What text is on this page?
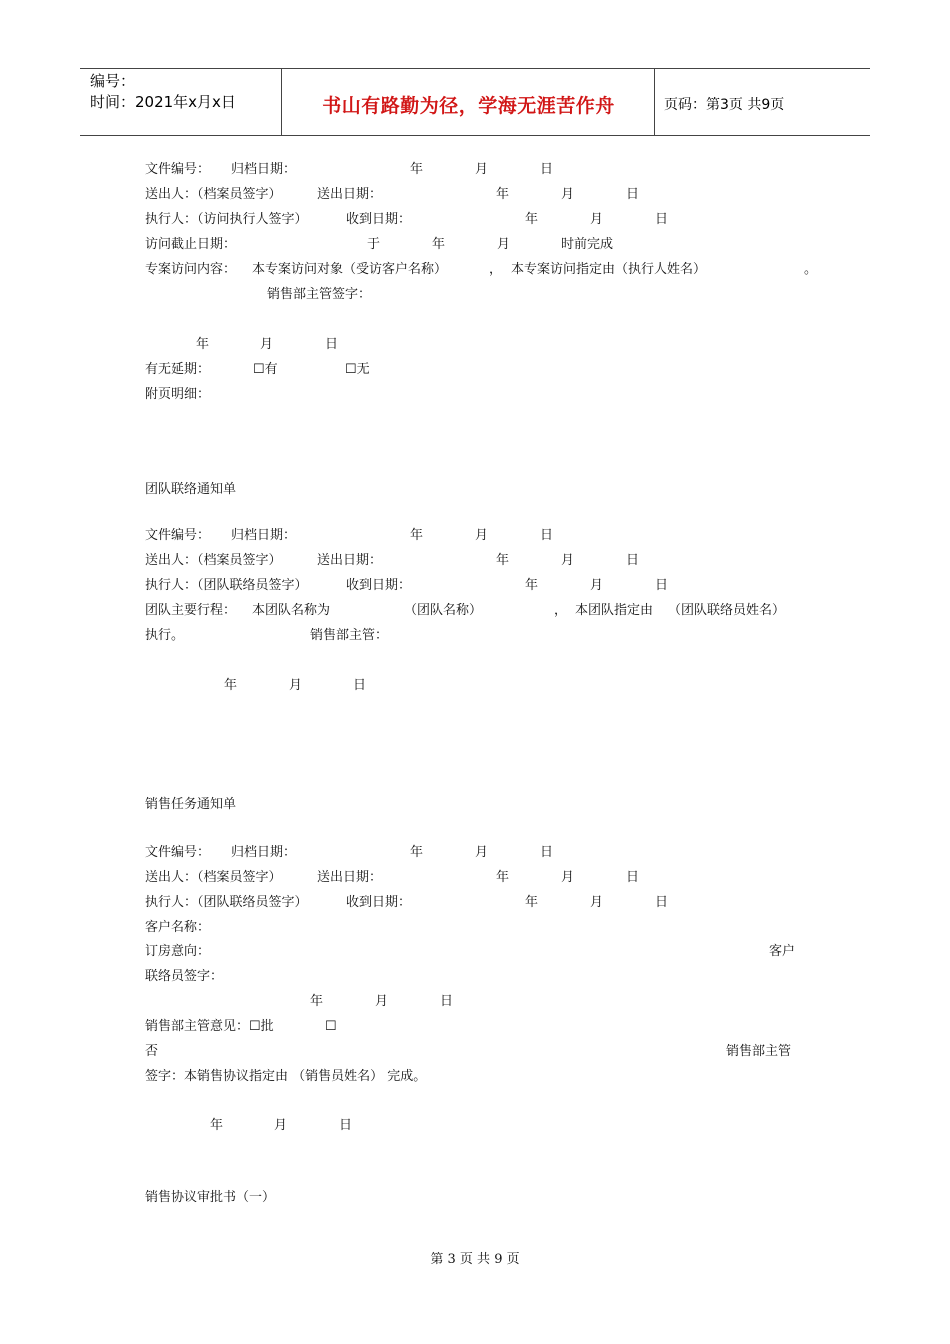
编号：
时间：2021年x月x日	书山有路勤为径，学海无涯苦作舟	页码：第3页 共9页
文件编号： 归档日期：	年	月	日
送出人：（档案员签字）	送出日期：	年	月	日
执行人：（访问执行人签字）	收到日期：	年	月	日
访问截止日期：	于	年	月	时前完成
专案访问内容： 本专案访问对象（受访客户名称）	， 本专案访问指定由（执行人姓名）	。
销售部主管签字：
年	月	日
有无延期：	☐有	☐无
附页明细：
团队联络通知单
文件编号： 归档日期：	年	月	日
送出人：（档案员签字）	送出日期：	年	月	日
执行人：（团队联络员签字）	收到日期：	年	月	日
团队主要行程： 本团队名称为	（团队名称）	， 本团队指定由 （团队联络员姓名）
执行。	销售部主管：
年	月	日
销售任务通知单
文件编号： 归档日期：	年	月	日
送出人：（档案员签字）	送出日期：	年	月	日
执行人：（团队联络员签字）	收到日期：	年	月	日
客户名称：
订房意向：	客户
联络员签字：
年	月	日
销售部主管意见：☐批	☐
否	销售部主管
签字：本销售协议指定由 （销售员姓名） 完成。
年	月	日
销售协议审批书（一）
第 3 页 共 9 页
